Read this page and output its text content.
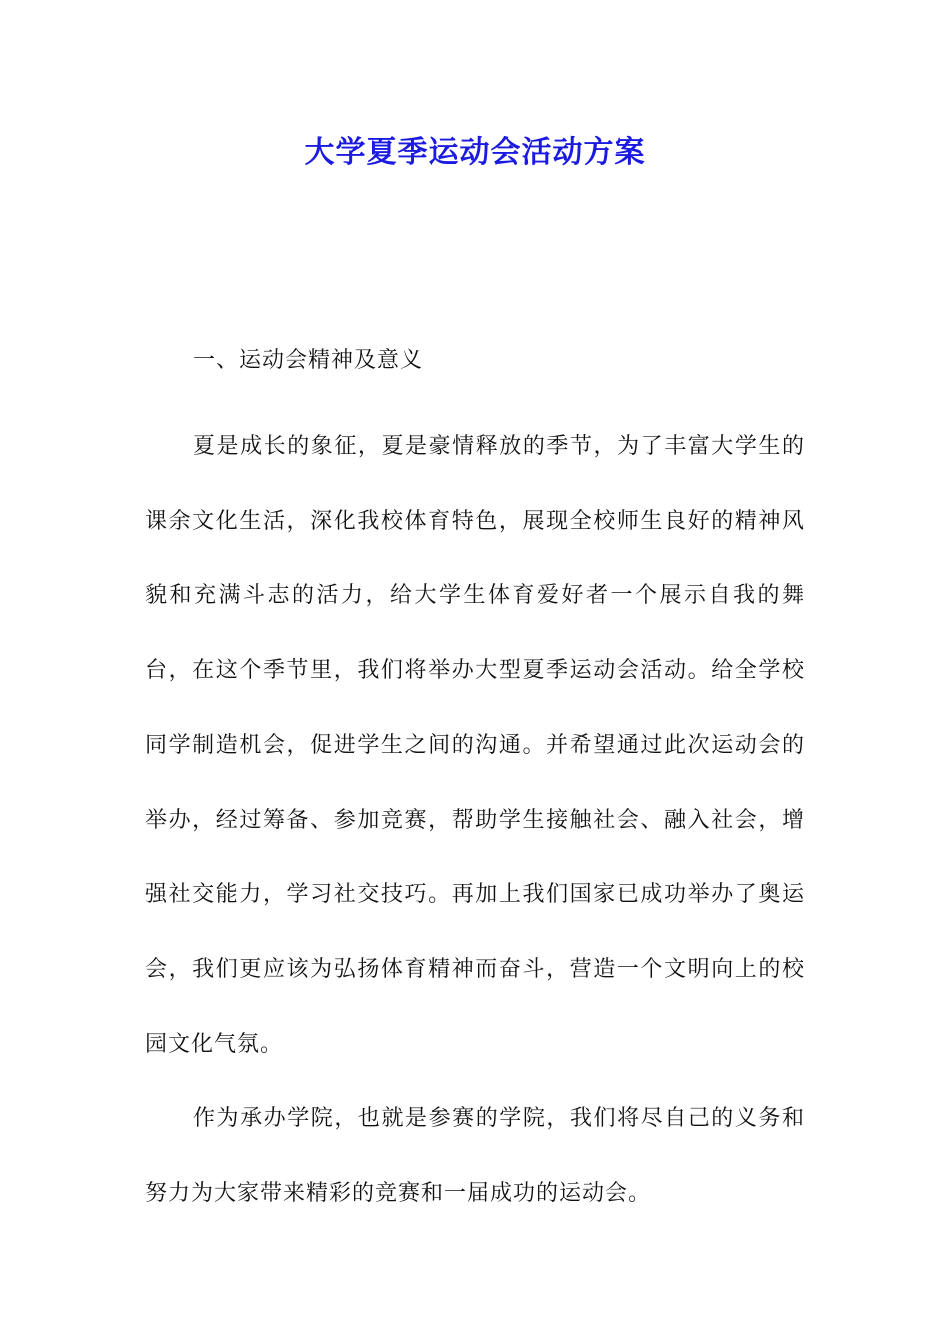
大学夏季运动会活动方案
一、运动会精神及意义

夏是成长的象征，夏是豪情释放的季节，为了丰富大学生的课余文化生活，深化我校体育特色，展现全校师生良好的精神风貌和充满斗志的活力，给大学生体育爱好者一个展示自我的舞台，在这个季节里，我们将举办大型夏季运动会活动。给全学校同学制造机会，促进学生之间的沟通。并希望通过此次运动会的举办，经过筹备、参加竞赛，帮助学生接触社会、融入社会，增强社交能力，学习社交技巧。再加上我们国家已成功举办了奥运会，我们更应该为弘扬体育精神而奋斗，营造一个文明向上的校园文化气氛。

作为承办学院，也就是参赛的学院，我们将尽自己的义务和努力为大家带来精彩的竞赛和一届成功的运动会。
